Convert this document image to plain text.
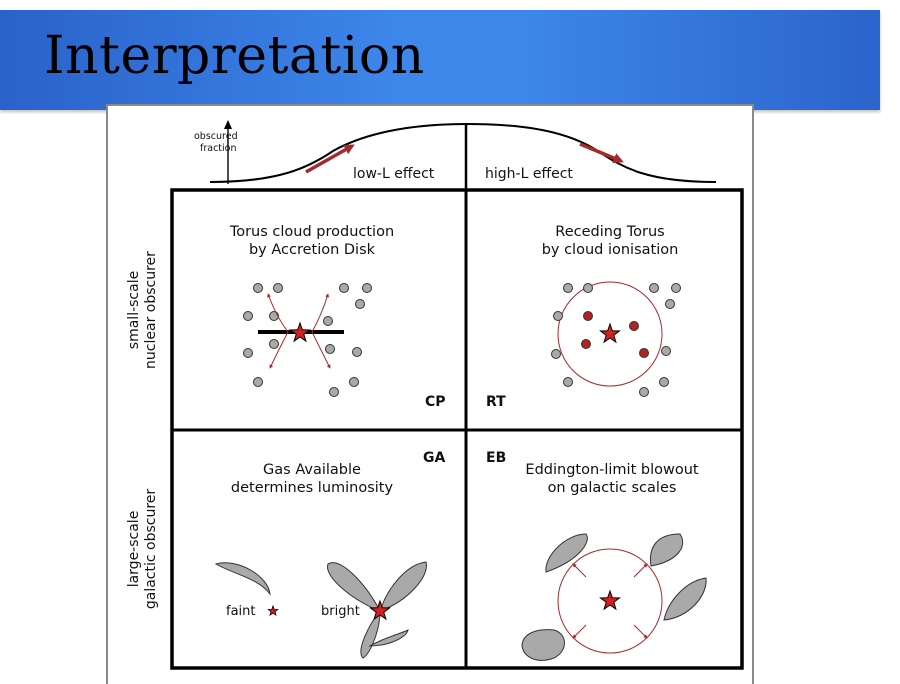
Interpretation
obscured
fraction
low-L effect	high-L effect
small-scale nuclear obscurer
large-scale galactic obscurer
Torus cloud production
by Accretion Disk
CP
Receding Torus
by cloud ionisation
RT
Gas Available
determines luminosity
GA
faint	bright
EB
Eddington-limit blowout
on galactic scales
